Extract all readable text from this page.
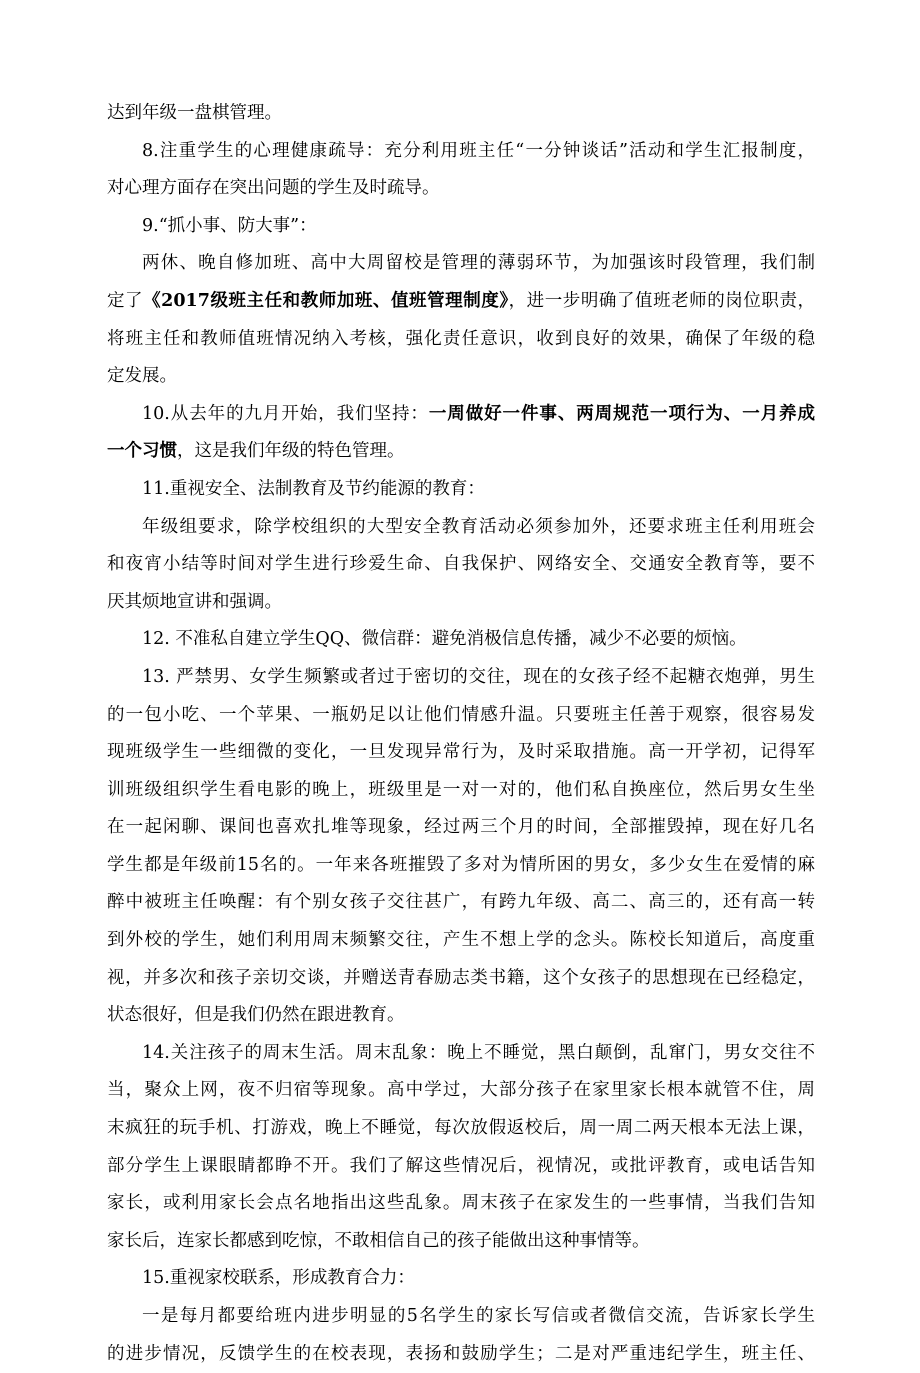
达到年级一盘棋管理。
8.注重学生的心理健康疏导：充分利用班主任“一分钟谈话”活动和学生汇报制度，
对心理方面存在突出问题的学生及时疏导。
9.“抓小事、防大事”：
两休、晚自修加班、高中大周留校是管理的薄弱环节，为加强该时段管理，我们制
定了《2017级班主任和教师加班、值班管理制度》，进一步明确了值班老师的岗位职责，
将班主任和教师值班情况纳入考核，强化责任意识，收到良好的效果，确保了年级的稳
定发展。
10.从去年的九月开始，我们坚持：一周做好一件事、两周规范一项行为、一月养成
一个习惯，这是我们年级的特色管理。
11.重视安全、法制教育及节约能源的教育：
年级组要求，除学校组织的大型安全教育活动必须参加外，还要求班主任利用班会
和夜宵小结等时间对学生进行珍爱生命、自我保护、网络安全、交通安全教育等，要不
厌其烦地宣讲和强调。
12. 不准私自建立学生QQ、微信群：避免消极信息传播，减少不必要的烦恼。
13. 严禁男、女学生频繁或者过于密切的交往，现在的女孩子经不起糖衣炮弹，男生
的一包小吃、一个苹果、一瓶奶足以让他们情感升温。只要班主任善于观察，很容易发
现班级学生一些细微的变化，一旦发现异常行为，及时采取措施。高一开学初，记得军
训班级组织学生看电影的晚上，班级里是一对一对的，他们私自换座位，然后男女生坐
在一起闲聊、课间也喜欢扎堆等现象，经过两三个月的时间，全部摧毁掉，现在好几名
学生都是年级前15名的。一年来各班摧毁了多对为情所困的男女，多少女生在爱情的麻
醉中被班主任唤醒：有个别女孩子交往甚广，有跨九年级、高二、高三的，还有高一转
到外校的学生，她们利用周末频繁交往，产生不想上学的念头。陈校长知道后，高度重
视，并多次和孩子亲切交谈，并赠送青春励志类书籍，这个女孩子的思想现在已经稳定，
状态很好，但是我们仍然在跟进教育。
14.关注孩子的周末生活。周末乱象：晚上不睡觉，黑白颠倒，乱窜门，男女交往不
当，聚众上网，夜不归宿等现象。高中学过，大部分孩子在家里家长根本就管不住，周
末疯狂的玩手机、打游戏，晚上不睡觉，每次放假返校后，周一周二两天根本无法上课，
部分学生上课眼睛都睁不开。我们了解这些情况后，视情况，或批评教育，或电话告知
家长，或利用家长会点名地指出这些乱象。周末孩子在家发生的一些事情，当我们告知
家长后，连家长都感到吃惊，不敢相信自己的孩子能做出这种事情等。
15.重视家校联系，形成教育合力：
一是每月都要给班内进步明显的5名学生的家长写信或者微信交流，告诉家长学生
的进步情况，反馈学生的在校表现，表扬和鼓励学生；二是对严重违纪学生，班主任、
